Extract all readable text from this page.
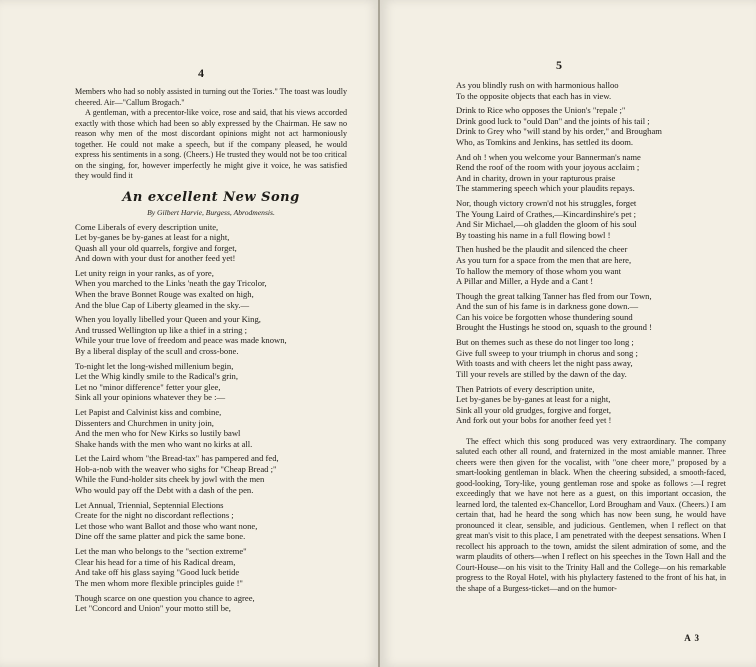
4

Members who had so nobly assisted in turning out the Tories." The toast was loudly cheered. Air—"Callum Brogach."

A gentleman, with a precentor-like voice, rose and said, that his views accorded exactly with those which had been so ably expressed by the Chairman. He saw no reason why men of the most discordant opinions might not act harmoniously together. He could not make a speech, but if the company pleased, he would express his sentiments in a song. (Cheers.) He trusted they would not be too critical on the singing, for, however imperfectly he might give it voice, he was satisfied they would find it

An excellent New Song
By Gilbert Harvie, Burgess, Abrodmensis.
Come Liberals of every description unite,
Let by-ganes be by-ganes at least for a night,
Quash all your old quarrels, forgive and forget,
And down with your dust for another feed yet!
Let unity reign in your ranks, as of yore,
When you marched to the Links 'neath the gay Tricolor,
When the brave Bonnet Rouge was exalted on high,
And the blue Cap of Liberty gleamed in the sky.—
When you loyally libelled your Queen and your King,
And trussed Wellington up like a thief in a string ;
While your true love of freedom and peace was made known,
By a liberal display of the scull and cross-bone.
To-night let the long-wished millenium begin,
Let the Whig kindly smile to the Radical's grin,
Let no "minor difference" fetter your glee,
Sink all your opinions whatever they be :—
Let Papist and Calvinist kiss and combine,
Dissenters and Churchmen in unity join,
And the men who for New Kirks so lustily bawl
Shake hands with the men who want no kirks at all.
Let the Laird whom "the Bread-tax" has pampered and fed,
Hob-a-nob with the weaver who sighs for "Cheap Bread ;"
While the Fund-holder sits cheek by jowl with the men
Who would pay off the Debt with a dash of the pen.
Let Annual, Triennial, Septennial Elections
Create for the night no discordant reflections ;
Let those who want Ballot and those who want none,
Dine off the same platter and pick the same bone.
Let the man who belongs to the "section extreme"
Clear his head for a time of his Radical dream,
And take off his glass saying "Good luck betide
The men whom more flexible principles guide !"
Though scarce on one question you chance to agree,
Let "Concord and Union" your motto still be,
5
As you blindly rush on with harmonious halloo
To the opposite objects that each has in view.
Drink to Rice who opposes the Union's "repale ;"
Drink good luck to "ould Dan" and the joints of his tail ;
Drink to Grey who "will stand by his order," and Brougham
Who, as Tomkins and Jenkins, has settled its doom.
And oh ! when you welcome your Bannerman's name
Rend the roof of the room with your joyous acclaim ;
And in charity, drown in your rapturous praise
The stammering speech which your plaudits repays.
Nor, though victory crown'd not his struggles, forget
The Young Laird of Crathes,—Kincardinshire's pet ;
And Sir Michael,—oh gladden the gloom of his soul
By toasting his name in a full flowing bowl !
Then hushed be the plaudit and silenced the cheer
As you turn for a space from the men that are here,
To hallow the memory of those whom you want
A Pillar and Miller, a Hyde and a Cant !
Though the great talking Tanner has fled from our Town,
And the sun of his fame is in darkness gone down.—
Can his voice be forgotten whose thundering sound
Brought the Hustings he stood on, squash to the ground !
But on themes such as these do not linger too long ;
Give full sweep to your triumph in chorus and song ;
With toasts and with cheers let the night pass away,
Till your revels are stilled by the dawn of the day.
Then Patriots of every description unite,
Let by-ganes be by-ganes at least for a night,
Sink all your old grudges, forgive and forget,
And fork out your bobs for another feed yet !

The effect which this song produced was very extraordinary. The company saluted each other all round, and fraternized in the most amiable manner. Three cheers were then given for the vocalist, with "one cheer more," proposed by a smart-looking gentleman in black. When the cheering subsided, a smooth-faced, good-looking, Tory-like, young gentleman rose and spoke as follows :—I regret exceedingly that we have not here as a guest, on this important occasion, the learned lord, the talented ex-Chancellor, Lord Brougham and Vaux. (Cheers.) I am certain that, had he heard the song which has now been sung, he would have pronounced it clear, sensible, and judicious. Gentlemen, when I reflect on that great man's visit to this place, I am penetrated with the deepest sensations. When I recollect his approach to the town, amidst the silent admiration of some, and the warm plaudits of others—when I reflect on his speeches in the Town Hall and the Court-House—on his visit to the Trinity Hall and the College—on his remarkable progress to the Royal Hotel, with his phylactery fastened to the front of his hat, in the shape of a Burgess-ticket—and on the humor-

A 3
